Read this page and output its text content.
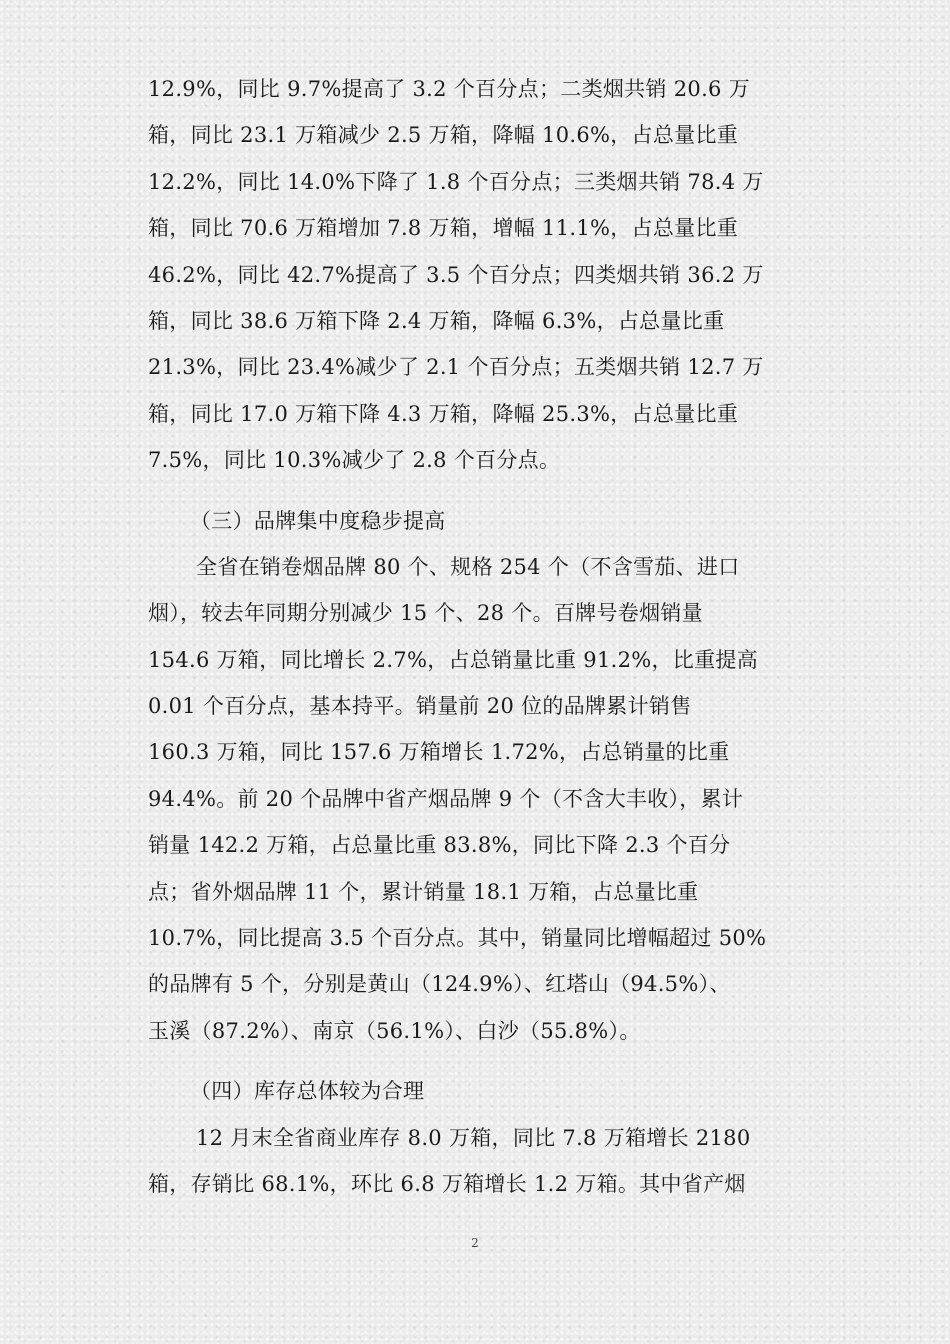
12.9%，同比 9.7%提高了 3.2 个百分点；二类烟共销 20.6 万
箱，同比 23.1 万箱减少 2.5 万箱，降幅 10.6%，占总量比重
12.2%，同比 14.0%下降了 1.8 个百分点；三类烟共销 78.4 万
箱，同比 70.6 万箱增加 7.8 万箱，增幅 11.1%，占总量比重
46.2%，同比 42.7%提高了 3.5 个百分点；四类烟共销 36.2 万
箱，同比 38.6 万箱下降 2.4 万箱，降幅 6.3%，占总量比重
21.3%，同比 23.4%减少了 2.1 个百分点；五类烟共销 12.7 万
箱，同比 17.0 万箱下降 4.3 万箱，降幅 25.3%，占总量比重
7.5%，同比 10.3%减少了 2.8 个百分点。
（三）品牌集中度稳步提高
全省在销卷烟品牌 80 个、规格 254 个（不含雪茄、进口
烟），较去年同期分别减少 15 个、28 个。百牌号卷烟销量
154.6 万箱，同比增长 2.7%，占总销量比重 91.2%，比重提高
0.01 个百分点，基本持平。销量前 20 位的品牌累计销售
160.3 万箱，同比 157.6 万箱增长 1.72%，占总销量的比重
94.4%。前 20 个品牌中省产烟品牌 9 个（不含大丰收），累计
销量 142.2 万箱，占总量比重 83.8%，同比下降 2.3 个百分
点；省外烟品牌 11 个，累计销量 18.1 万箱，占总量比重
10.7%，同比提高 3.5 个百分点。其中，销量同比增幅超过 50%
的品牌有 5 个，分别是黄山（124.9%）、红塔山（94.5%）、
玉溪（87.2%）、南京（56.1%）、白沙（55.8%）。
（四）库存总体较为合理
12 月末全省商业库存 8.0 万箱，同比 7.8 万箱增长 2180
箱，存销比 68.1%，环比 6.8 万箱增长 1.2 万箱。其中省产烟
2
